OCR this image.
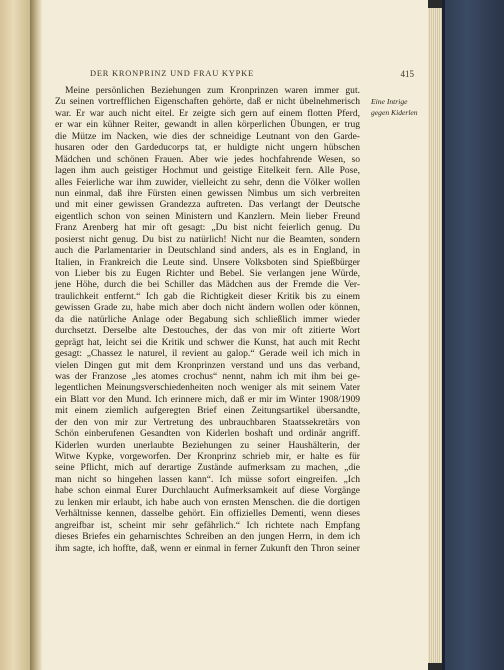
DER KRONPRINZ UND FRAU KYPKE	415
Eine Intrige
gegen Kiderlen
Meine persönlichen Beziehungen zum Kronprinzen waren immer gut.
Zu seinen vortrefflichen Eigenschaften gehörte, daß er nicht übelnehmerisch
war. Er war auch nicht eitel. Er zeigte sich gern auf einem flotten Pferd,
er war ein kühner Reiter, gewandt in allen körperlichen Übungen, er trug
die Mütze im Nacken, wie dies der schneidige Leutnant von den Garde-
husaren oder den Gardeducorps tat, er huldigte nicht ungern hübschen
Mädchen und schönen Frauen. Aber wie jedes hochfahrende Wesen, so
lagen ihm auch geistiger Hochmut und geistige Eitelkeit fern. Alle Pose,
alles Feierliche war ihm zuwider, vielleicht zu sehr, denn die Völker wollen
nun einmal, daß ihre Fürsten einen gewissen Nimbus um sich verbreiten
und mit einer gewissen Grandezza auftreten. Das verlangt der Deutsche
eigentlich schon von seinen Ministern und Kanzlern. Mein lieber Freund
Franz Arenberg hat mir oft gesagt: „Du bist nicht feierlich genug. Du
posierst nicht genug. Du bist zu natürlich! Nicht nur die Beamten, sondern
auch die Parlamentarier in Deutschland sind anders, als es in England, in
Italien, in Frankreich die Leute sind. Unsere Volksboten sind Spießbürger
von Lieber bis zu Eugen Richter und Bebel. Sie verlangen jene Würde,
jene Höhe, durch die bei Schiller das Mädchen aus der Fremde die Ver-
traulichkeit entfernt.“ Ich gab die Richtigkeit dieser Kritik bis zu einem
gewissen Grade zu, habe mich aber doch nicht ändern wollen oder können,
da die natürliche Anlage oder Begabung sich schließlich immer wieder
durchsetzt. Derselbe alte Destouches, der das von mir oft zitierte Wort
geprägt hat, leicht sei die Kritik und schwer die Kunst, hat auch mit Recht
gesagt: „Chassez le naturel, il revient au galop.“ Gerade weil ich mich in
vielen Dingen gut mit dem Kronprinzen verstand und uns das verband,
was der Franzose „les atomes crochus“ nennt, nahm ich mit ihm bei ge-
legentlichen Meinungsverschiedenheiten noch weniger als mit seinem Vater
ein Blatt vor den Mund. Ich erinnere mich, daß er mir im Winter 1908/1909
mit einem ziemlich aufgeregten Brief einen Zeitungsartikel übersandte,
der den von mir zur Vertretung des unbrauchbaren Staatssekretärs von
Schön einberufenen Gesandten von Kiderlen boshaft und ordinär angriff.
Kiderlen wurden unerlaubte Beziehungen zu seiner Haushälterin, der
Witwe Kypke, vorgeworfen. Der Kronprinz schrieb mir, er halte es für
seine Pflicht, mich auf derartige Zustände aufmerksam zu machen, „die
man nicht so hingehen lassen kann“. Ich müsse sofort eingreifen. „Ich
habe schon einmal Eurer Durchlaucht Aufmerksamkeit auf diese Vorgänge
zu lenken mir erlaubt, ich habe auch von ernsten Menschen. die die dortigen
Verhältnisse kennen, dasselbe gehört. Ein offizielles Dementi, wenn dieses
angreifbar ist, scheint mir sehr gefährlich.“ Ich richtete nach Empfang
dieses Briefes ein geharnischtes Schreiben an den jungen Herrn, in dem ich
ihm sagte, ich hoffte, daß, wenn er einmal in ferner Zukunft den Thron seiner
